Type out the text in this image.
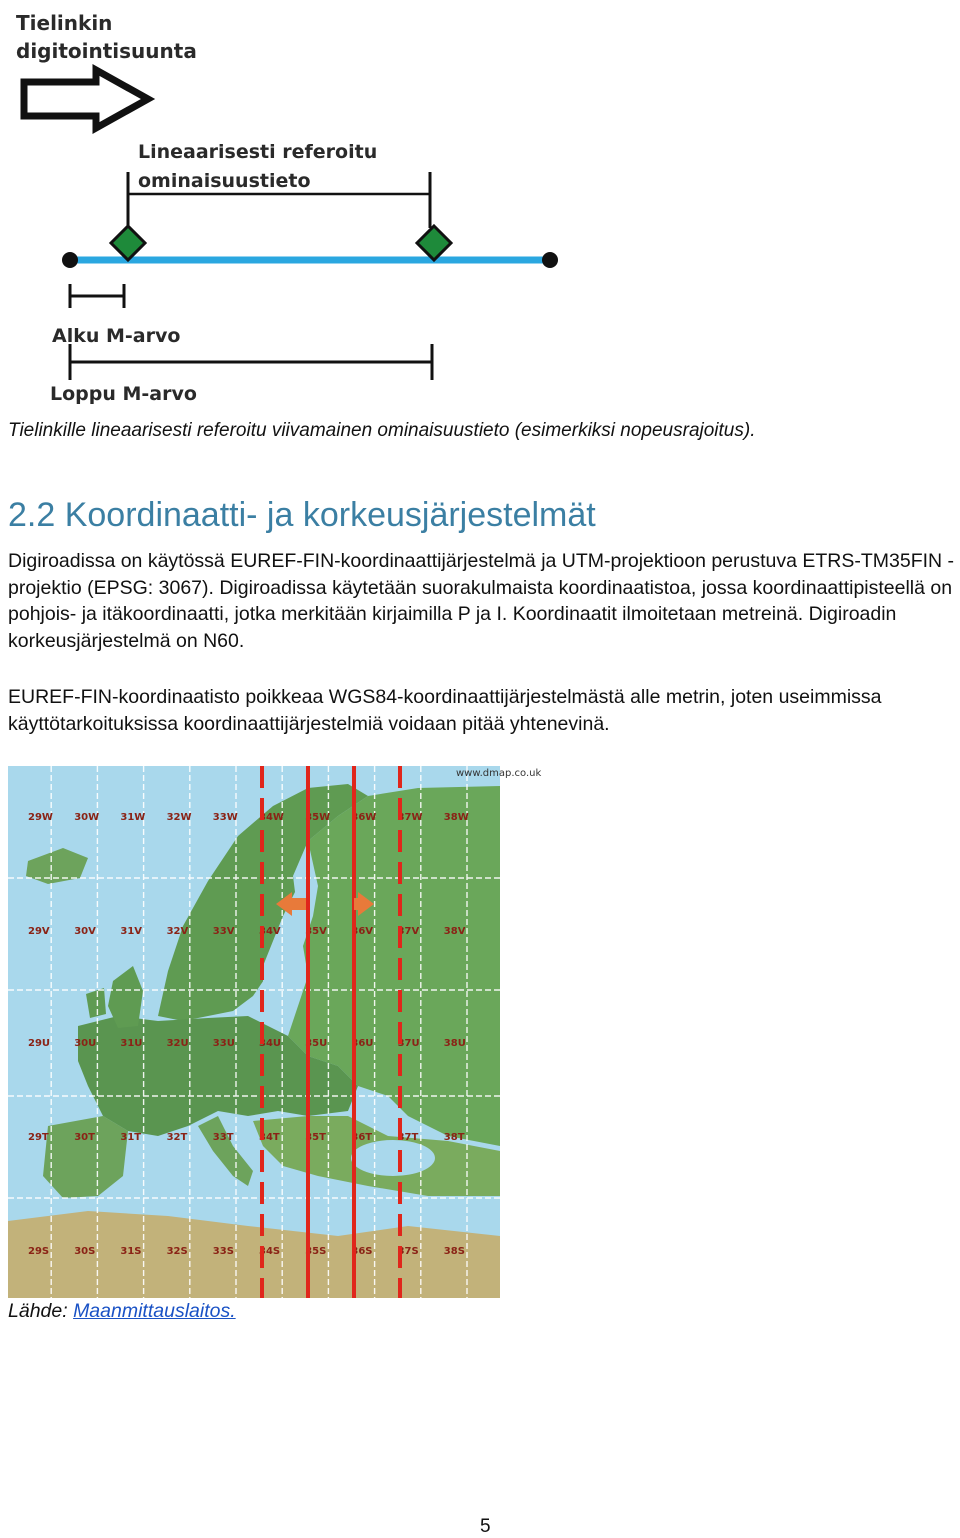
Tielinkin
digitointisuunta
Lineaarisesti referoitu
ominaisuustieto
Alku M-arvo
Loppu M-arvo
Tielinkille lineaarisesti referoitu viivamainen ominaisuustieto (esimerkiksi nopeusrajoitus).
2.2 Koordinaatti- ja korkeusjärjestelmät
Digiroadissa on käytössä EUREF-FIN-koordinaattijärjestelmä ja UTM-projektioon perustuva ETRS-TM35FIN -projektio (EPSG: 3067). Digiroadissa käytetään suorakulmaista koordinaatistoa, jossa koordinaattipisteellä on pohjois- ja itäkoordinaatti, jotka merkitään kirjaimilla P ja I. Koordinaatit ilmoitetaan metreinä. Digiroadin korkeusjärjestelmä on N60.
EUREF-FIN-koordinaatisto poikkeaa WGS84-koordinaattijärjestelmästä alle metrin, joten useimmissa käyttötarkoituksissa koordinaattijärjestelmiä voidaan pitää yhtenevinä.
29W 30W 31W 32W 33W 34W 35W 36W 37W 38W
29V 30V 31V 32V 33V 34V 35V 36V 37V 38V
29U 30U 31U 32U 33U 34U 35U 36U 37U 38U
29T	30T	31T	32T	33T	34T	35T	36T	37T	38T
29S	30S	31S	32S	33S	34S	35S	36S	37S	38S
www.dmap.co.uk
Lähde: Maanmittauslaitos.
5
